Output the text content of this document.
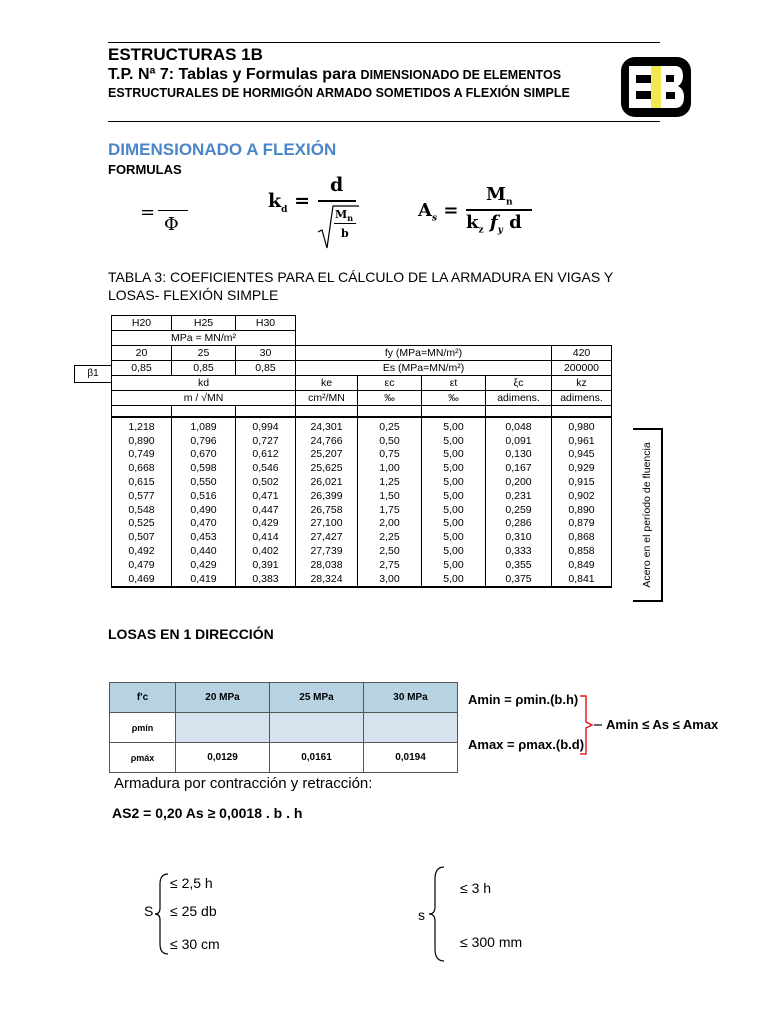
ESTRUCTURAS 1B
T.P. Nª 7: Tablas y Formulas para DIMENSIONADO DE ELEMENTOS
ESTRUCTURALES DE HORMIGÓN ARMADO SOMETIDOS A FLEXIÓN SIMPLE
DIMENSIONADO A FLEXIÓN
FORMULAS
=
Φ
$k_d$ =
d
$M_n$
b
$A_s$ =
$M_n$
$k_z$ $f_y$ d
TABLA 3: COEFICIENTES PARA EL CÁLCULO DE LA ARMADURA EN VIGAS Y LOSAS- FLEXIÓN SIMPLE
β1
H20	H25	H30					
MPa = MN/m²							
20	25	30	fy (MPa=MN/m²)				420
0,85	0,85	0,85	Es (MPa=MN/m²)				200000
kd			ke	εc	εt	ξc	kz
m / √MN			cm²/MN	‰	‰	adimens.	adimens.

1,218	1,089	0,994	24,301	0,25	5,00	0,048	0,980
0,890	0,796	0,727	24,766	0,50	5,00	0,091	0,961
0,749	0,670	0,612	25,207	0,75	5,00	0,130	0,945
0,668	0,598	0,546	25,625	1,00	5,00	0,167	0,929
0,615	0,550	0,502	26,021	1,25	5,00	0,200	0,915
0,577	0,516	0,471	26,399	1,50	5,00	0,231	0,902
0,548	0,490	0,447	26,758	1,75	5,00	0,259	0,890
0,525	0,470	0,429	27,100	2,00	5,00	0,286	0,879
0,507	0,453	0,414	27,427	2,25	5,00	0,310	0,868
0,492	0,440	0,402	27,739	2,50	5,00	0,333	0,858
0,479	0,429	0,391	28,038	2,75	5,00	0,355	0,849
0,469	0,419	0,383	28,324	3,00	5,00	0,375	0,841	Acero en el período de fluencia
LOSAS EN 1 DIRECCIÓN
f'c	20 MPa	25 MPa	30 MPa
ρmín			
ρmáx	0,0129	0,0161	0,0194
Amin = ρmin.(b.h)
Amax = ρmax.(b.d)
Amin ≤ As ≤ Amax
Armadura por contracción y retracción:
AS2 = 0,20 As ≥ 0,0018 . b . h
S
≤ 2,5 h
≤ 25 db
≤ 30 cm
s
≤ 3 h
≤ 300 mm
